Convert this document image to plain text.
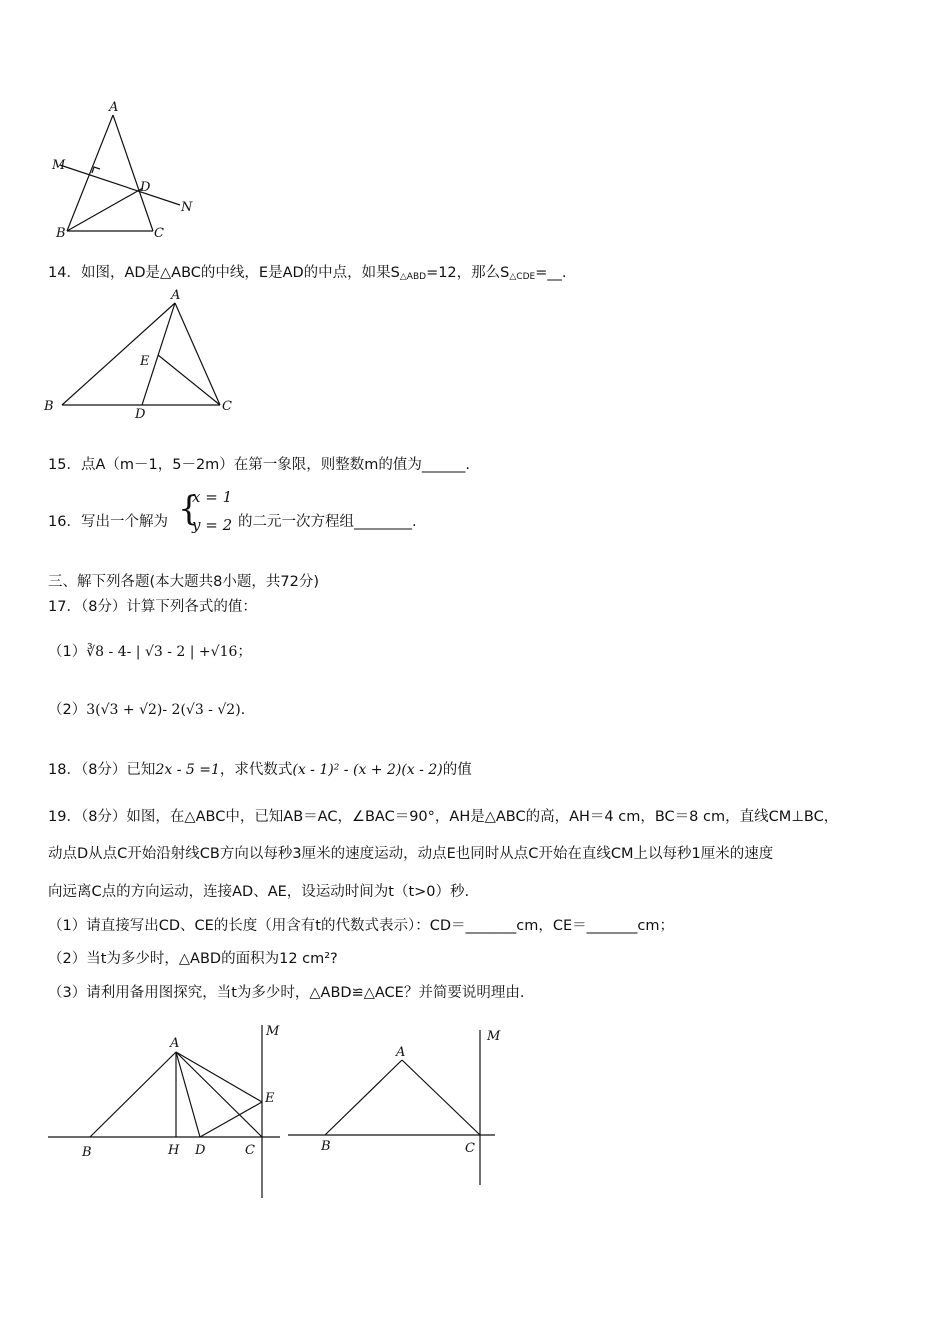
A
M
D
N
B	C
14．如图，AD是△ABC的中线，E是AD的中点，如果$S_{\triangle ABD}=12$，那么$S_{\triangle CDE}=\_\_$.
A
E
B
D
C
15．点A（m－1，5－2m）在第一象限，则整数m的值为______.
16．写出一个解为 {
x = 1
y = 2 的二元一次方程组________.
三、解下列各题(本大题共8小题，共72分)
17．（8分）计算下列各式的值：
（1）∛8 - 4- | √3 - 2 | +√16；
（2）3(√3 + √2)- 2(√3 - √2).
18．（8分）已知2x - 5 =1，求代数式(x - 1)² - (x + 2)(x - 2)的值
19．（8分）如图，在△ABC中，已知AB＝AC，∠BAC＝90°，AH是△ABC的高，AH＝4 cm，BC＝8 cm，直线CM⊥BC，
动点D从点C开始沿射线CB方向以每秒3厘米的速度运动，动点E也同时从点C开始在直线CM上以每秒1厘米的速度
向远离C点的方向运动，连接AD、AE，设运动时间为t（t>0）秒.
（1）请直接写出CD、CE的长度（用含有t的代数式表示）：CD＝_______cm，CE＝_______cm；
（2）当t为多少时，△ABD的面积为12 cm²?
（3）请利用备用图探究，当t为多少时，△ABD≌△ACE？并简要说明理由.
A
M
E
B	H D	C
A
M
B	C
